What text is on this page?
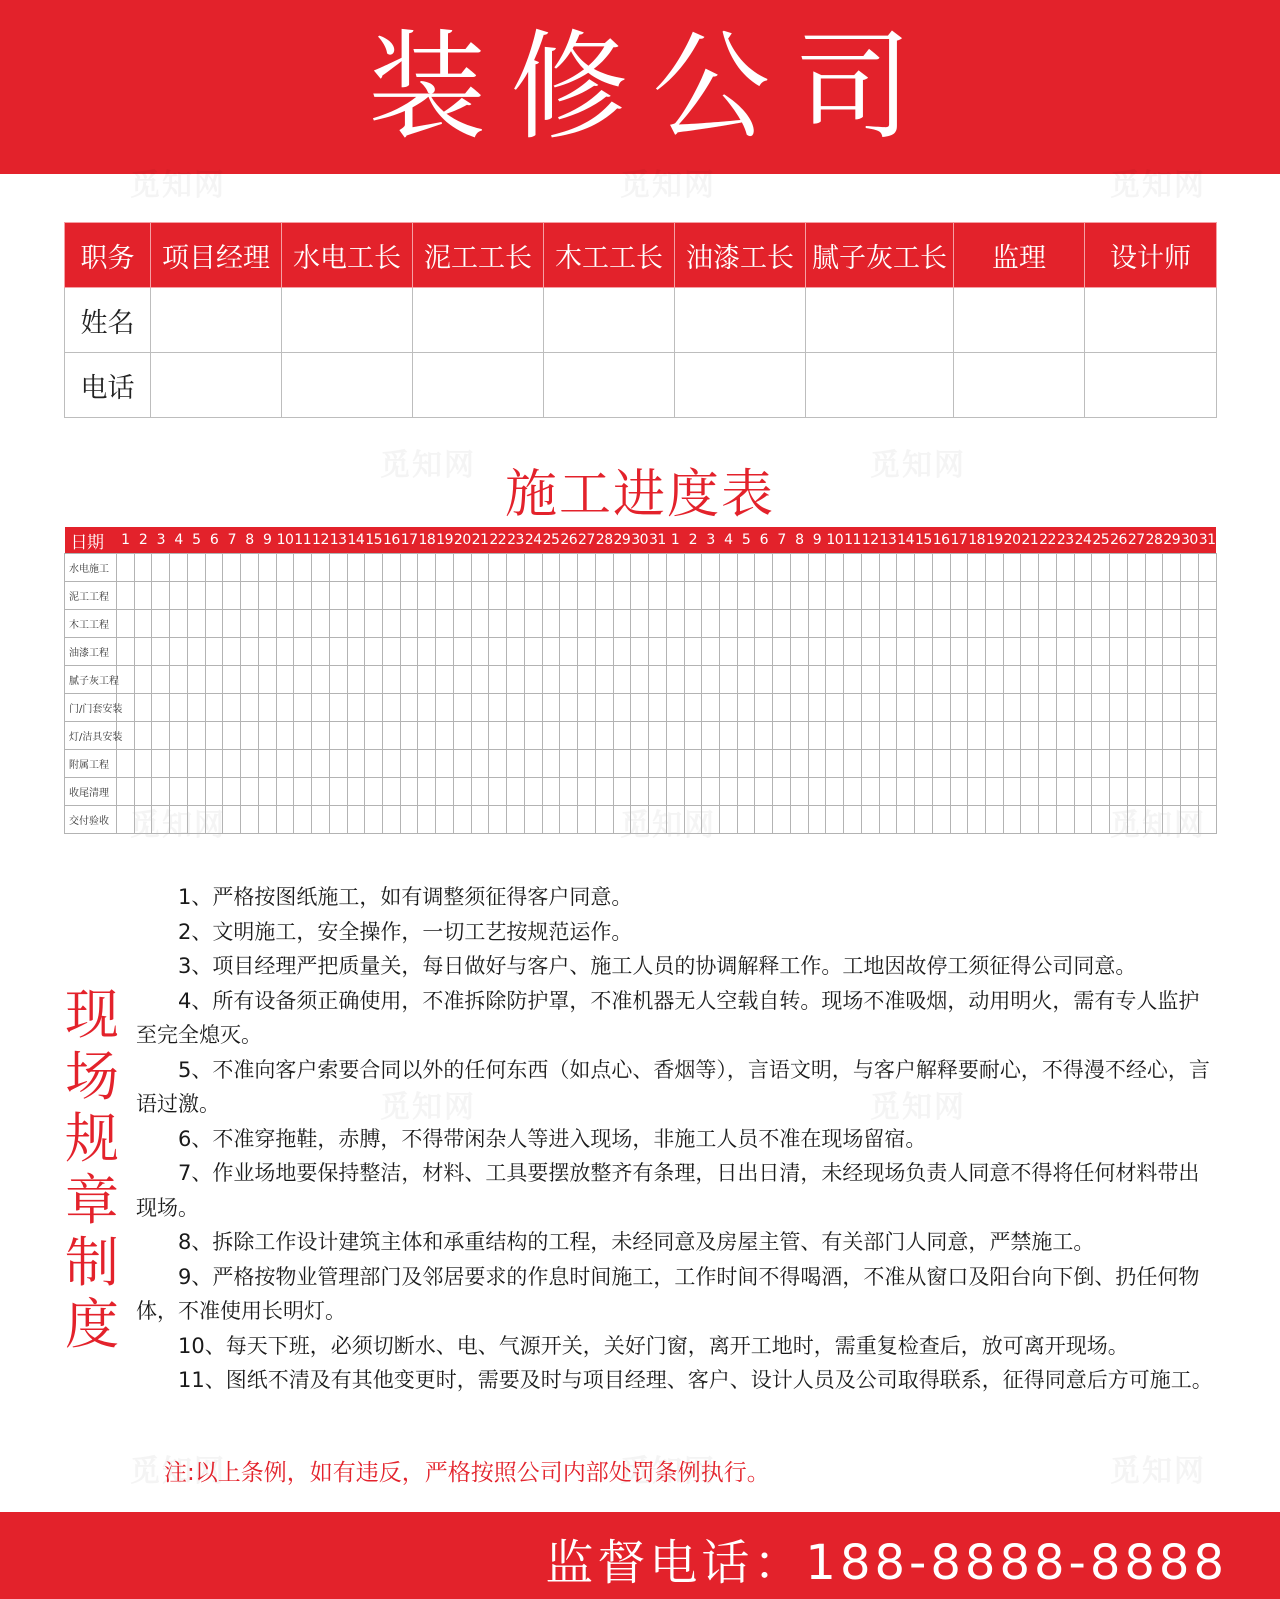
装修公司
职务	项目经理	水电工长	泥工工长	木工工长	油漆工长	腻子灰工长	监理	设计师
姓名								
电话								
施工进度表
日期	1	2	3	4	5	6	7	8	9	10	11	12	13	14	15	16	17	18	19	20	21	22	23	24	25	26	27	28	29	30	31	1	2	3	4	5	6	7	8	9	10	11	12	13	14	15	16	17	18	19	20	21	22	23	24	25	26	27	28	29	30	31
水电施工																																																														
泥工工程																																																														
木工工程																																																														
油漆工程																																																														
腻子灰工程																																																														
门/门套安装																																																														
灯/洁具安装																																																														
附属工程																																																														
收尾清理																																																														
交付验收																																																														
现
场
规
章
制
度
1、严格按图纸施工，如有调整须征得客户同意。
2、文明施工，安全操作，一切工艺按规范运作。
3、项目经理严把质量关，每日做好与客户、施工人员的协调解释工作。工地因故停工须征得公司同意。
4、所有设备须正确使用，不准拆除防护罩，不准机器无人空载自转。现场不准吸烟，动用明火，需有专人监护至完全熄灭。
5、不准向客户索要合同以外的任何东西（如点心、香烟等），言语文明，与客户解释要耐心，不得漫不经心，言语过激。
6、不准穿拖鞋，赤膊，不得带闲杂人等进入现场，非施工人员不准在现场留宿。
7、作业场地要保持整洁，材料、工具要摆放整齐有条理，日出日清，未经现场负责人同意不得将任何材料带出现场。
8、拆除工作设计建筑主体和承重结构的工程，未经同意及房屋主管、有关部门人同意，严禁施工。
9、严格按物业管理部门及邻居要求的作息时间施工，工作时间不得喝酒，不准从窗口及阳台向下倒、扔任何物体，不准使用长明灯。
10、每天下班，必须切断水、电、气源开关，关好门窗，离开工地时，需重复检查后，放可离开现场。
11、图纸不清及有其他变更时，需要及时与项目经理、客户、设计人员及公司取得联系，征得同意后方可施工。
注:以上条例，如有违反，严格按照公司内部处罚条例执行。
监督电话：188-8888-8888
